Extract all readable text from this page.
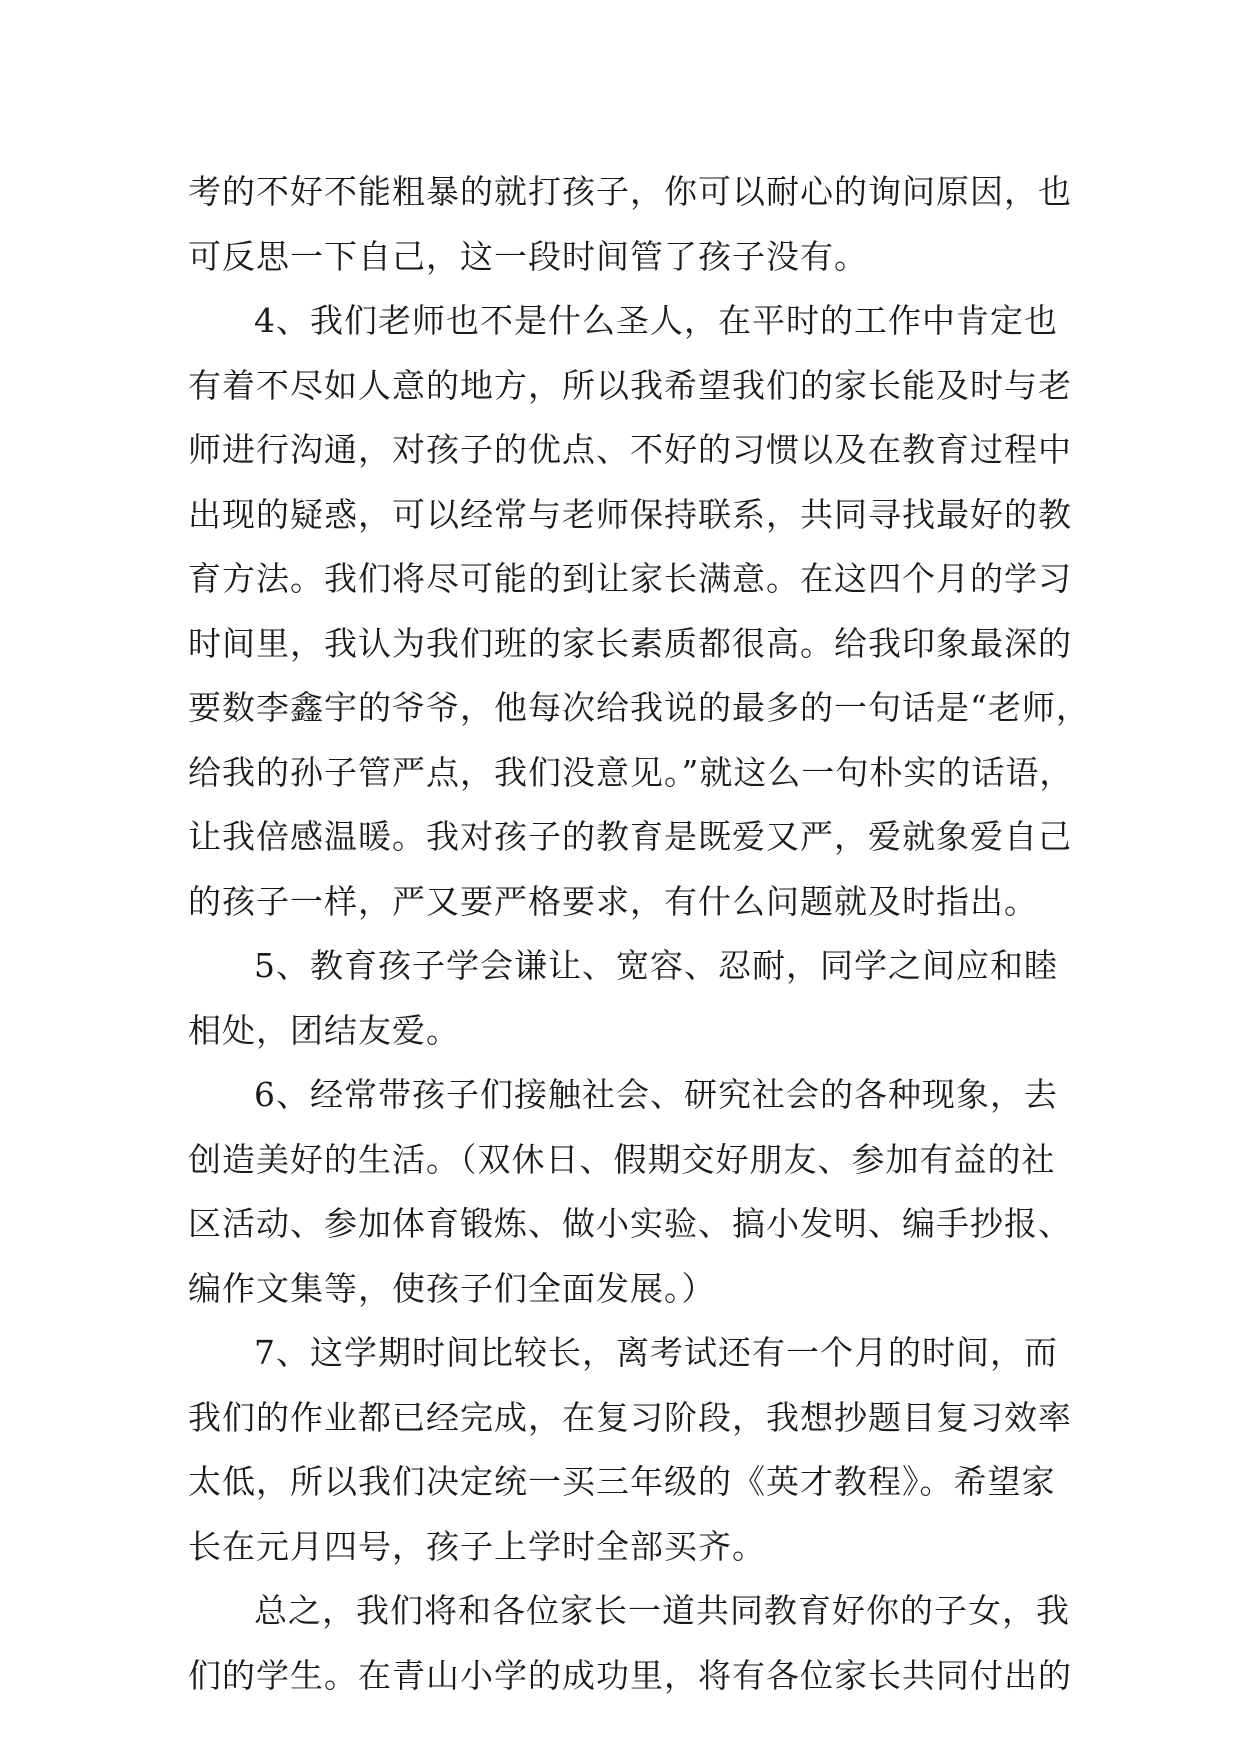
考的不好不能粗暴的就打孩子，你可以耐心的询问原因，也
可反思一下自己，这一段时间管了孩子没有。
4、我们老师也不是什么圣人，在平时的工作中肯定也
有着不尽如人意的地方，所以我希望我们的家长能及时与老
师进行沟通，对孩子的优点、不好的习惯以及在教育过程中
出现的疑惑，可以经常与老师保持联系，共同寻找最好的教
育方法。我们将尽可能的到让家长满意。在这四个月的学习
时间里，我认为我们班的家长素质都很高。给我印象最深的
要数李鑫宇的爷爷，他每次给我说的最多的一句话是“老师，
给我的孙子管严点，我们没意见。”就这么一句朴实的话语，
让我倍感温暖。我对孩子的教育是既爱又严，爱就象爱自己
的孩子一样，严又要严格要求，有什么问题就及时指出。
5、教育孩子学会谦让、宽容、忍耐，同学之间应和睦
相处，团结友爱。
6、经常带孩子们接触社会、研究社会的各种现象，去
创造美好的生活。（双休日、假期交好朋友、参加有益的社
区活动、参加体育锻炼、做小实验、搞小发明、编手抄报、
编作文集等，使孩子们全面发展。）
7、这学期时间比较长，离考试还有一个月的时间，而
我们的作业都已经完成，在复习阶段，我想抄题目复习效率
太低，所以我们决定统一买三年级的《英才教程》。希望家
长在元月四号，孩子上学时全部买齐。
总之，我们将和各位家长一道共同教育好你的子女，我
们的学生。在青山小学的成功里，将有各位家长共同付出的
